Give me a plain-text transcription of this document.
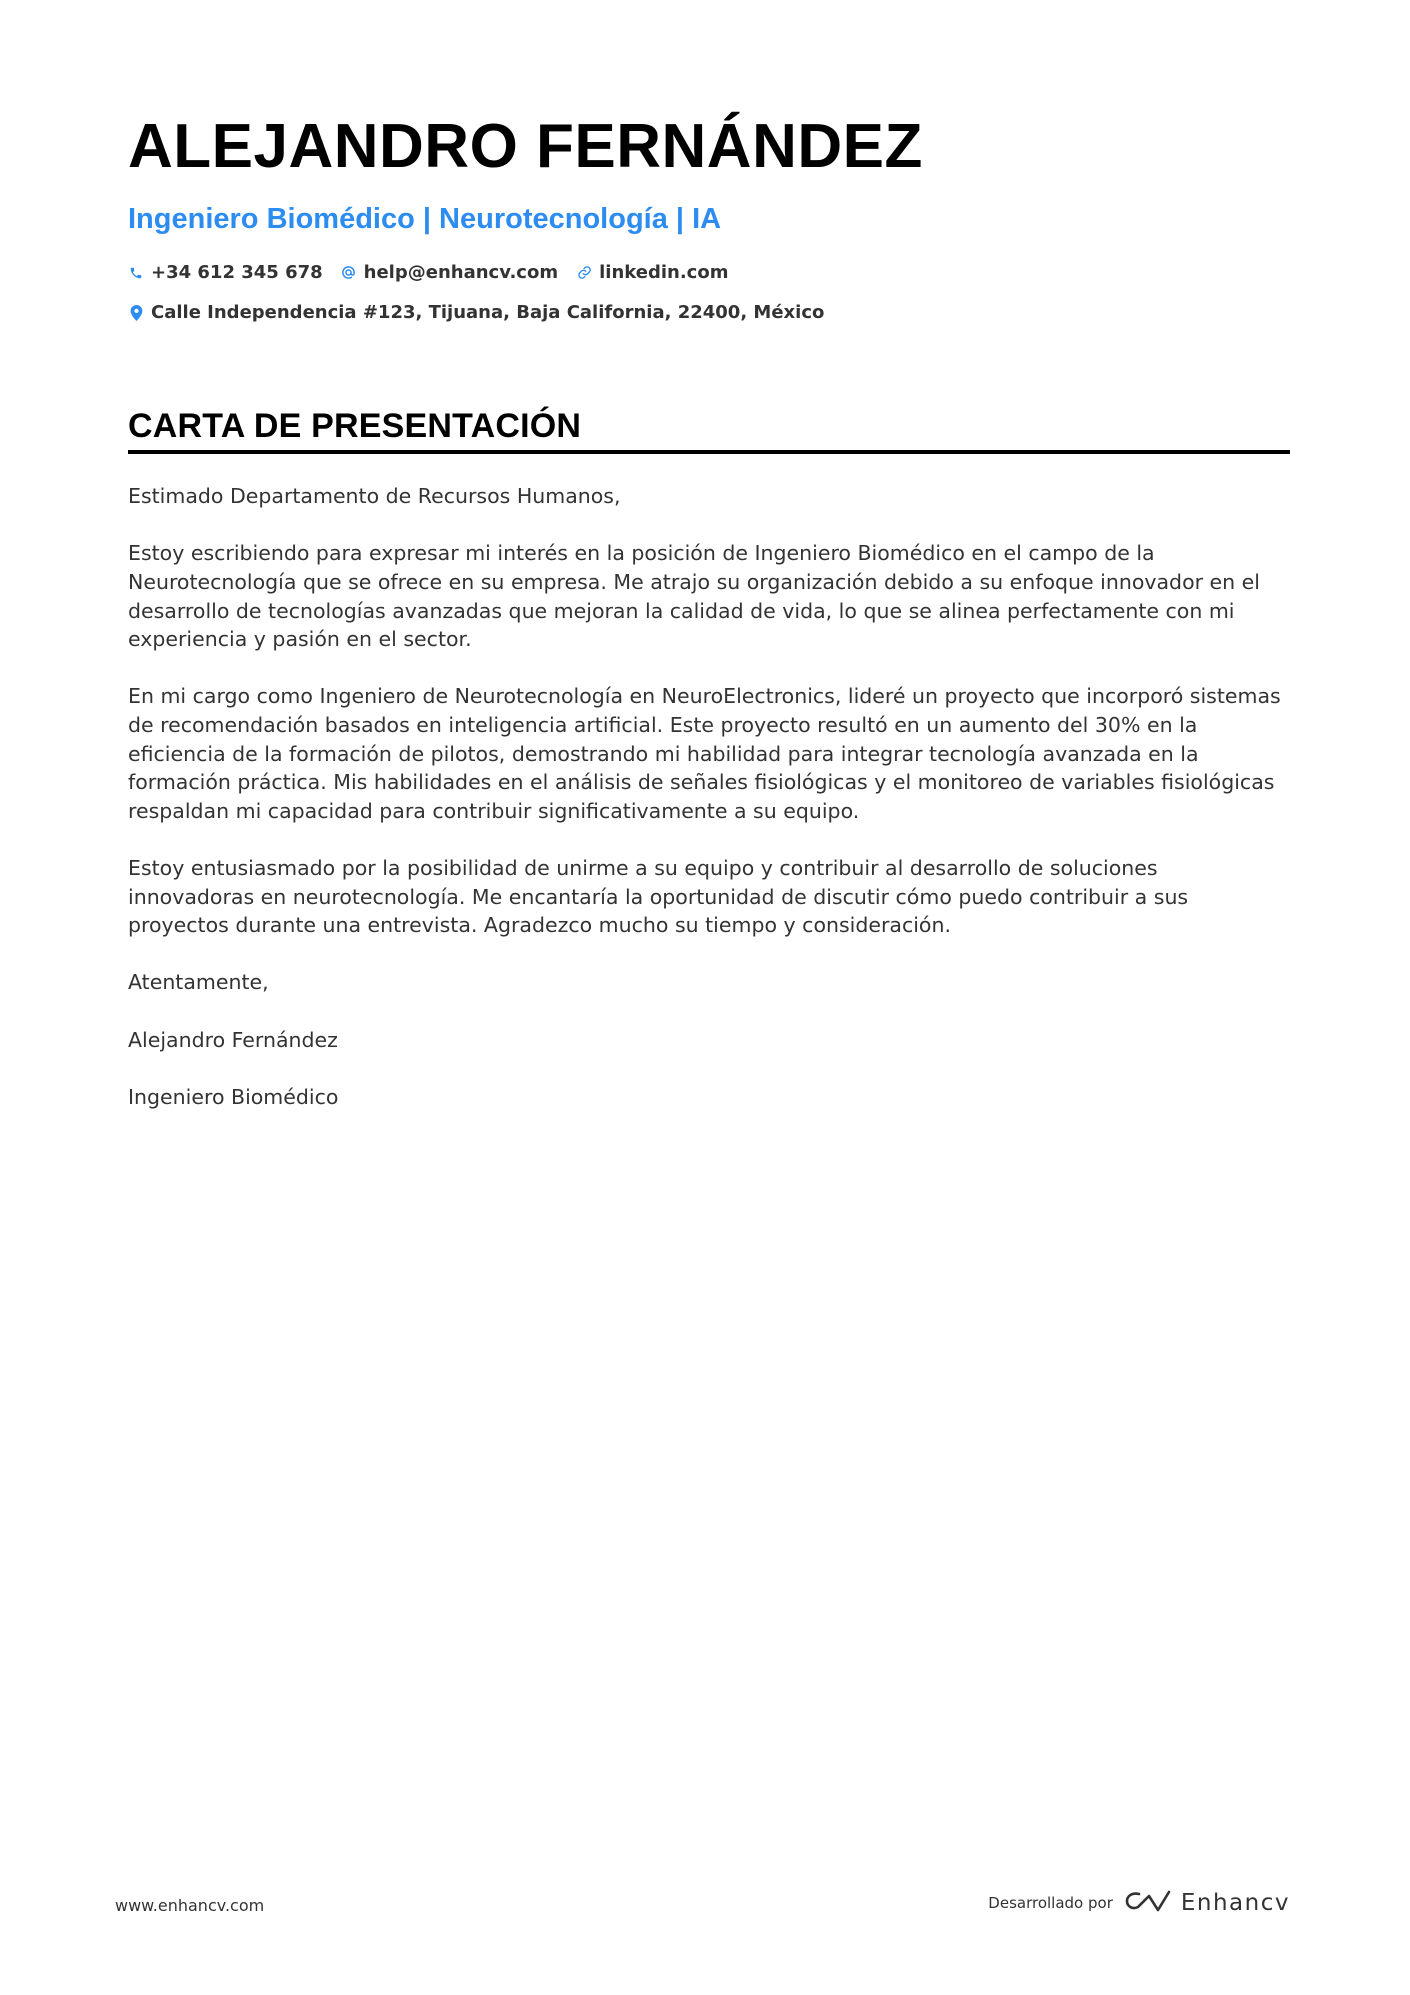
ALEJANDRO FERNÁNDEZ
Ingeniero Biomédico | Neurotecnología | IA
+34 612 345 678 help@enhancv.com linkedin.com
Calle Independencia #123, Tijuana, Baja California, 22400, México
CARTA DE PRESENTACIÓN

Estimado Departamento de Recursos Humanos,

Estoy escribiendo para expresar mi interés en la posición de Ingeniero Biomédico en el campo de la Neurotecnología que se ofrece en su empresa. Me atrajo su organización debido a su enfoque innovador en el desarrollo de tecnologías avanzadas que mejoran la calidad de vida, lo que se alinea perfectamente con mi experiencia y pasión en el sector.

En mi cargo como Ingeniero de Neurotecnología en NeuroElectronics, lideré un proyecto que incorporó sistemas de recomendación basados en inteligencia artificial. Este proyecto resultó en un aumento del 30% en la eficiencia de la formación de pilotos, demostrando mi habilidad para integrar tecnología avanzada en la formación práctica. Mis habilidades en el análisis de señales fisiológicas y el monitoreo de variables fisiológicas respaldan mi capacidad para contribuir significativamente a su equipo.

Estoy entusiasmado por la posibilidad de unirme a su equipo y contribuir al desarrollo de soluciones innovadoras en neurotecnología. Me encantaría la oportunidad de discutir cómo puedo contribuir a sus proyectos durante una entrevista. Agradezco mucho su tiempo y consideración.

Atentamente,

Alejandro Fernández

Ingeniero Biomédico

www.enhancv.com	Desarrollado por	Enhancv
